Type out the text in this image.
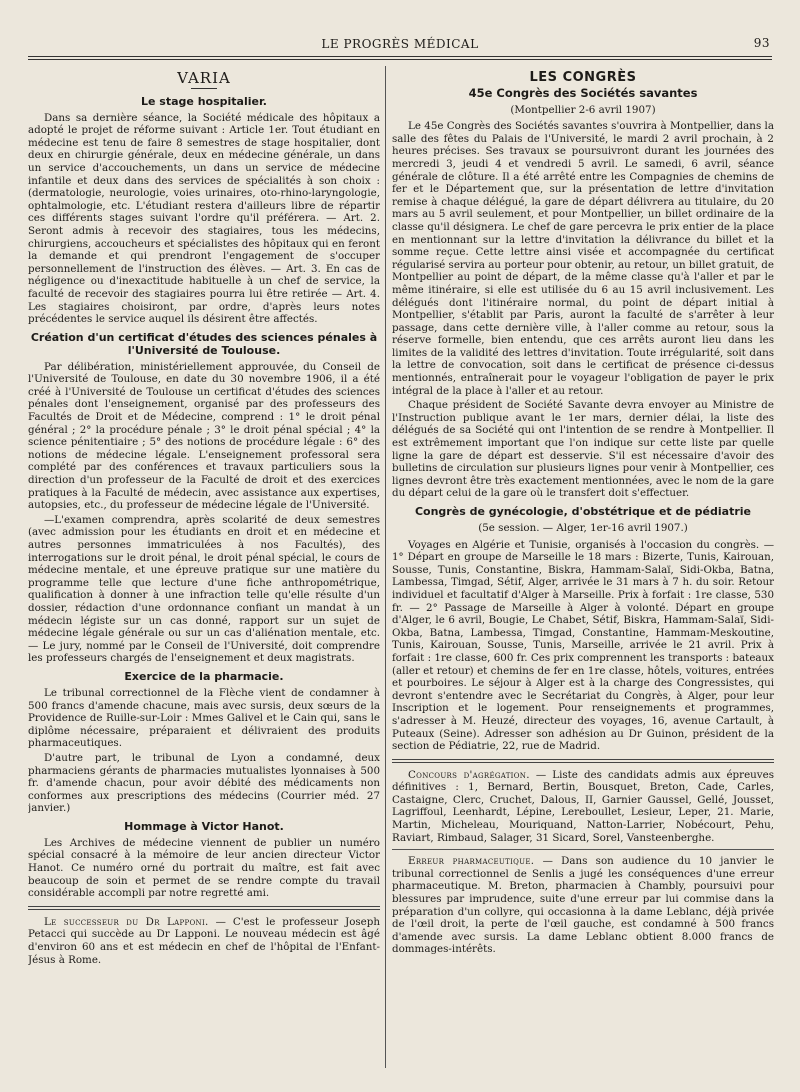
LE PROGRÈS MÉDICAL	93
VARIA
Le stage hospitalier.

Dans sa dernière séance, la Société médicale des hôpitaux a adopté le projet de réforme suivant : Article 1er. Tout étudiant en médecine est tenu de faire 8 semestres de stage hospitalier, dont deux en chirurgie générale, deux en médecine générale, un dans un service d'accouchements, un dans un service de médecine infantile et deux dans des services de spécialités à son choix : (dermatologie, neurologie, voies urinaires, oto-rhino-laryngologie, ophtalmologie, etc. L'étudiant restera d'ailleurs libre de répartir ces différents stages suivant l'ordre qu'il préférera. — Art. 2. Seront admis à recevoir des stagiaires, tous les médecins, chirurgiens, accoucheurs et spécialistes des hôpitaux qui en feront la demande et qui prendront l'engagement de s'occuper personnellement de l'instruction des élèves. — Art. 3. En cas de négligence ou d'inexactitude habituelle à un chef de service, la faculté de recevoir des stagiaires pourra lui être retirée — Art. 4. Les stagiaires choisiront, par ordre, d'après leurs notes précédentes le service auquel ils désirent être affectés.

Création d'un certificat d'études des sciences pénales à l'Université de Toulouse.

Par délibération, ministériellement approuvée, du Conseil de l'Université de Toulouse, en date du 30 novembre 1906, il a été créé à l'Université de Toulouse un certificat d'études des sciences pénales dont l'enseignement, organisé par des professeurs des Facultés de Droit et de Médecine, comprend : 1° le droit pénal général ; 2° la procédure pénale ; 3° le droit pénal spécial ; 4° la science pénitentiaire ; 5° des notions de procédure légale : 6° des notions de médecine légale. L'enseignement professoral sera complété par des conférences et travaux particuliers sous la direction d'un professeur de la Faculté de droit et des exercices pratiques à la Faculté de médecin, avec assistance aux expertises, autopsies, etc., du professeur de médecine légale de l'Université.

—L'examen comprendra, après scolarité de deux semestres (avec admission pour les étudiants en droit et en médecine et autres personnes immatriculées à nos Facultés), des interrogations sur le droit pénal, le droit pénal spécial, le cours de médecine mentale, et une épreuve pratique sur une matière du programme telle que lecture d'une fiche anthropométrique, qualification à donner à une infraction telle qu'elle résulte d'un dossier, rédaction d'une ordonnance confiant un mandat à un médecin légiste sur un cas donné, rapport sur un sujet de médecine légale générale ou sur un cas d'aliénation mentale, etc. — Le jury, nommé par le Conseil de l'Université, doit comprendre les professeurs chargés de l'enseignement et deux magistrats.

Exercice de la pharmacie.

Le tribunal correctionnel de la Flèche vient de condamner à 500 francs d'amende chacune, mais avec sursis, deux sœurs de la Providence de Ruille-sur-Loir : Mmes Galivel et le Cain qui, sans le diplôme nécessaire, préparaient et délivraient des produits pharmaceutiques.

D'autre part, le tribunal de Lyon a condamné, deux pharmaciens gérants de pharmacies mutualistes lyonnaises à 500 fr. d'amende chacun, pour avoir débité des médicaments non conformes aux prescriptions des médecins (Courrier méd. 27 janvier.)

Hommage à Victor Hanot.

Les Archives de médecine viennent de publier un numéro spécial consacré à la mémoire de leur ancien directeur Victor Hanot. Ce numéro orné du portrait du maître, est fait avec beaucoup de soin et permet de se rendre compte du travail considérable accompli par notre regretté ami.

Le successeur du Dr Lapponi. — C'est le professeur Joseph Petacci qui succède au Dr Lapponi. Le nouveau médecin est âgé d'environ 60 ans et est médecin en chef de l'hôpital de l'Enfant-Jésus à Rome.

LES CONGRÈS
45e Congrès des Sociétés savantes
(Montpellier 2-6 avril 1907)

Le 45e Congrès des Sociétés savantes s'ouvrira à Montpellier, dans la salle des fêtes du Palais de l'Université, le mardi 2 avril prochain, à 2 heures précises. Ses travaux se poursuivront durant les journées des mercredi 3, jeudi 4 et vendredi 5 avril. Le samedi, 6 avril, séance générale de clôture. Il a été arrêté entre les Compagnies de chemins de fer et le Département que, sur la présentation de lettre d'invitation remise à chaque délégué, la gare de départ délivrera au titulaire, du 20 mars au 5 avril seulement, et pour Montpellier, un billet ordinaire de la classe qu'il désignera. Le chef de gare percevra le prix entier de la place en mentionnant sur la lettre d'invitation la délivrance du billet et la somme reçue. Cette lettre ainsi visée et accompagnée du certificat régularisé servira au porteur pour obtenir, au retour, un billet gratuit, de Montpellier au point de départ, de la même classe qu'à l'aller et par le même itinéraire, si elle est utilisée du 6 au 15 avril inclusivement. Les délégués dont l'itinéraire normal, du point de départ initial à Montpellier, s'établit par Paris, auront la faculté de s'arrêter à leur passage, dans cette dernière ville, à l'aller comme au retour, sous la réserve formelle, bien entendu, que ces arrêts auront lieu dans les limites de la validité des lettres d'invitation. Toute irrégularité, soit dans la lettre de convocation, soit dans le certificat de présence ci-dessus mentionnés, entraînerait pour le voyageur l'obligation de payer le prix intégral de la place à l'aller et au retour.

Chaque président de Société Savante devra envoyer au Ministre de l'Instruction publique avant le 1er mars, dernier délai, la liste des délégués de sa Société qui ont l'intention de se rendre à Montpellier. Il est extrêmement important que l'on indique sur cette liste par quelle ligne la gare de départ est desservie. S'il est nécessaire d'avoir des bulletins de circulation sur plusieurs lignes pour venir à Montpellier, ces lignes devront être très exactement mentionnées, avec le nom de la gare du départ celui de la gare où le transfert doit s'effectuer.

Congrès de gynécologie, d'obstétrique et de pédiatrie
(5e session. — Alger, 1er-16 avril 1907.)

Voyages en Algérie et Tunisie, organisés à l'occasion du congrès. — 1° Départ en groupe de Marseille le 18 mars : Bizerte, Tunis, Kairouan, Sousse, Tunis, Constantine, Biskra, Hammam-Salaï, Sidi-Okba, Batna, Lambessa, Timgad, Sétif, Alger, arrivée le 31 mars à 7 h. du soir. Retour individuel et facultatif d'Alger à Marseille. Prix à forfait : 1re classe, 530 fr. — 2° Passage de Marseille à Alger à volonté. Départ en groupe d'Alger, le 6 avril, Bougie, Le Chabet, Sétif, Biskra, Hammam-Salaï, Sidi-Okba, Batna, Lambessa, Timgad, Constantine, Hammam-Meskoutine, Tunis, Kairouan, Sousse, Tunis, Marseille, arrivée le 21 avril. Prix à forfait : 1re classe, 600 fr. Ces prix comprennent les transports : bateaux (aller et retour) et chemins de fer en 1re classe, hôtels, voitures, entrées et pourboires. Le séjour à Alger est à la charge des Congressistes, qui devront s'entendre avec le Secrétariat du Congrès, à Alger, pour leur Inscription et le logement. Pour renseignements et programmes, s'adresser à M. Heuzé, directeur des voyages, 16, avenue Cartault, à Puteaux (Seine). Adresser son adhésion au Dr Guinon, président de la section de Pédiatrie, 22, rue de Madrid.

Concours d'agrégation. — Liste des candidats admis aux épreuves définitives : 1, Bernard, Bertin, Bousquet, Breton, Cade, Carles, Castaigne, Clerc, Cruchet, Dalous, II, Garnier Gaussel, Gellé, Jousset, Lagriffoul, Leenhardt, Lépine, Lereboullet, Lesieur, Leper, 21. Marie, Martin, Micheleau, Mouriquand, Natton-Larrier, Nobécourt, Pehu, Raviart, Rimbaud, Salager, 31 Sicard, Sorel, Vansteenberghe.

Erreur pharmaceutique. — Dans son audience du 10 janvier le tribunal correctionnel de Senlis a jugé les conséquences d'une erreur pharmaceutique. M. Breton, pharmacien à Chambly, poursuivi pour blessures par imprudence, suite d'une erreur par lui commise dans la préparation d'un collyre, qui occasionna à la dame Leblanc, déjà privée de l'œil droit, la perte de l'œil gauche, est condamné à 500 francs d'amende avec sursis. La dame Leblanc obtient 8.000 francs de dommages-intérêts.
